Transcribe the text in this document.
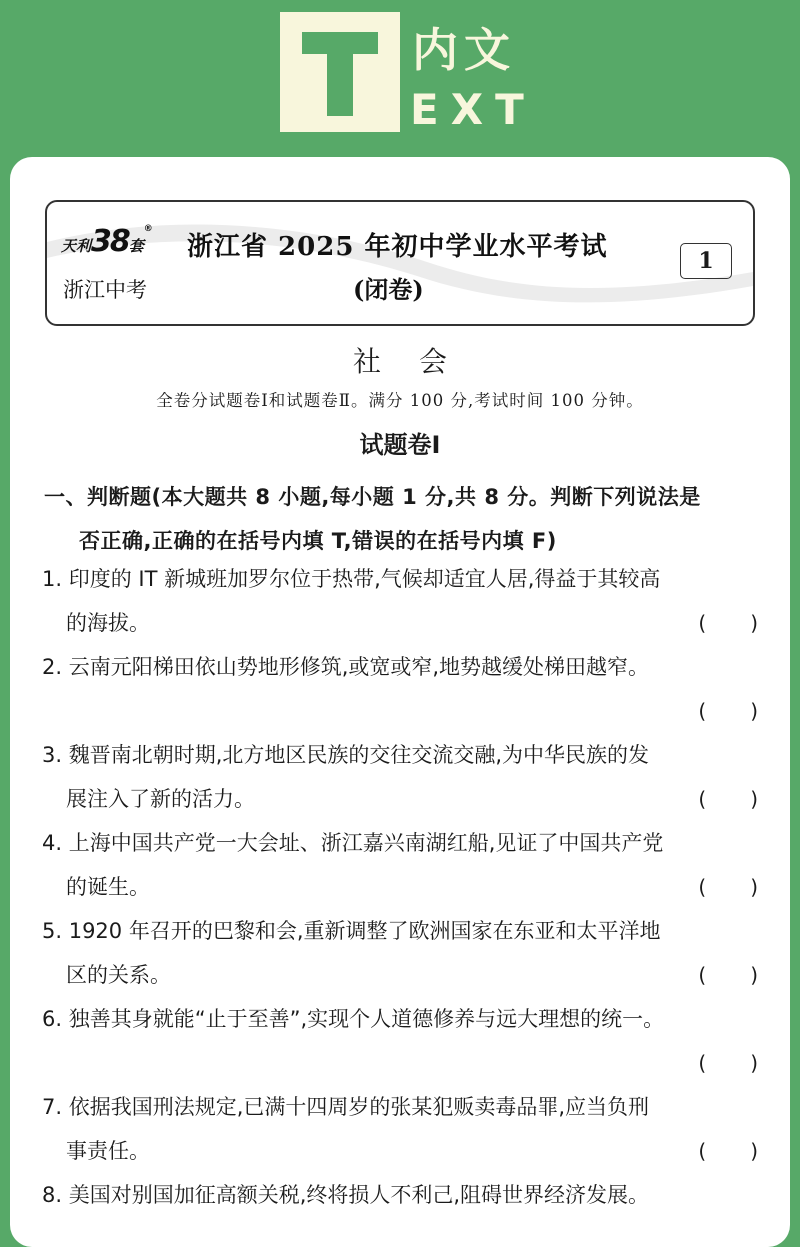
内文
EXT
天利38套®
浙江中考
浙江省 2025 年初中学业水平考试
(闭卷)
1
社会
全卷分试题卷Ⅰ和试题卷Ⅱ。满分 100 分,考试时间 100 分钟。
试题卷Ⅰ
一、判断题(本大题共 8 小题,每小题 1 分,共 8 分。判断下列说法是
否正确,正确的在括号内填 T,错误的在括号内填 F)
1. 印度的 IT 新城班加罗尔位于热带,气候却适宜人居,得益于其较高
的海拔。	( )
2. 云南元阳梯田依山势地形修筑,或宽或窄,地势越缓处梯田越窄。
( )
3. 魏晋南北朝时期,北方地区民族的交往交流交融,为中华民族的发
展注入了新的活力。	( )
4. 上海中国共产党一大会址、浙江嘉兴南湖红船,见证了中国共产党
的诞生。	( )
5. 1920 年召开的巴黎和会,重新调整了欧洲国家在东亚和太平洋地
区的关系。	( )
6. 独善其身就能“止于至善”,实现个人道德修养与远大理想的统一。
( )
7. 依据我国刑法规定,已满十四周岁的张某犯贩卖毒品罪,应当负刑
事责任。	( )
8. 美国对别国加征高额关税,终将损人不利己,阻碍世界经济发展。
